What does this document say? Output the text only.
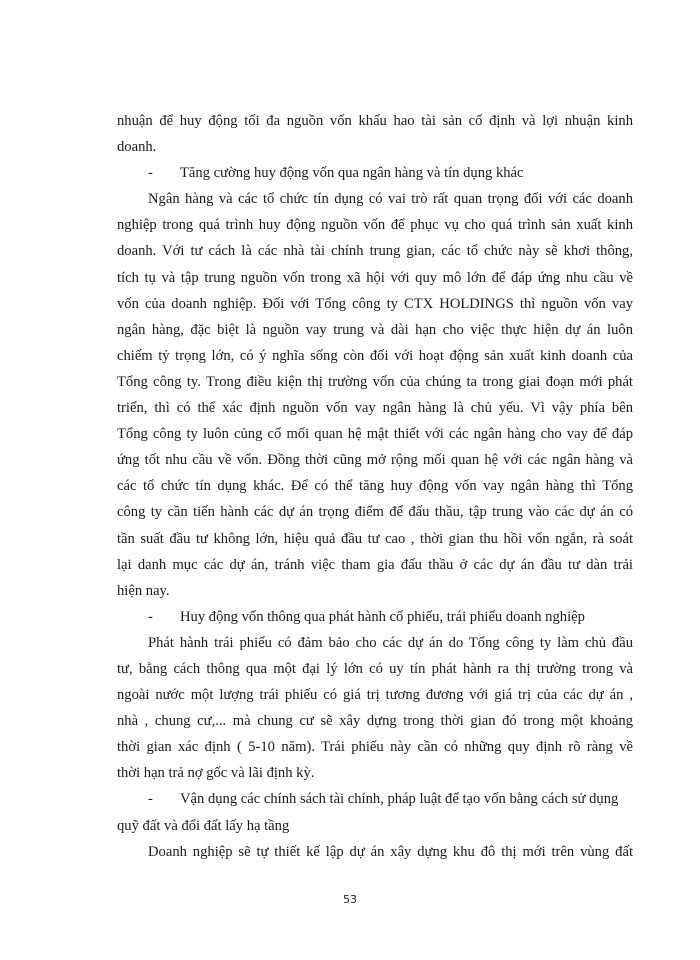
nhuận để huy động tối đa nguồn vốn khấu hao tài sản cố định và lợi nhuận kinh
doanh.
- Tăng cường huy động vốn qua ngân hàng và tín dụng khác
Ngân hàng và các tổ chức tín dụng có vai trò rất quan trọng đối với các doanh
nghiệp trong quá trình huy động nguồn vốn để phục vụ cho quá trình sản xuất kinh
doanh. Với tư cách là các nhà tài chính trung gian, các tổ chức này sẽ khơi thông,
tích tụ và tập trung nguồn vốn trong xã hội với quy mô lớn để đáp ứng nhu cầu về
vốn của doanh nghiệp. Đối với Tổng công ty CTX HOLDINGS thì nguồn vốn vay
ngân hàng, đặc biệt là nguồn vay trung và dài hạn cho việc thực hiện dự án luôn
chiếm tỷ trọng lớn, có ý nghĩa sống còn đối với hoạt động sản xuất kinh doanh của
Tổng công ty. Trong điều kiện thị trường vốn của chúng ta trong giai đoạn mới phát
triển, thì có thể xác định nguồn vốn vay ngân hàng là chủ yếu. Vì vậy phía bên
Tổng công ty luôn củng cố mối quan hệ mật thiết với các ngân hàng cho vay để đáp
ứng tốt nhu cầu về vốn. Đồng thời cũng mở rộng mối quan hệ với các ngân hàng và
các tổ chức tín dụng khác. Để có thể tăng huy động vốn vay ngân hàng thì Tổng
công ty cần tiến hành các dự án trọng điểm để đấu thầu, tập trung vào các dự án có
tần suất đầu tư không lớn, hiệu quả đầu tư cao , thời gian thu hồi vốn ngắn, rà soát
lại danh mục các dự án, tránh việc tham gia đấu thầu ở các dự án đầu tư dàn trải
hiện nay.
- Huy động vốn thông qua phát hành cổ phiếu, trái phiếu doanh nghiệp
Phát hành trái phiếu có đảm bảo cho các dự án do Tổng công ty làm chủ đầu
tư, bằng cách thông qua một đại lý lớn có uy tín phát hành ra thị trường trong và
ngoài nước một lượng trái phiếu có giá trị tương đương với giá trị của các dự án ,
nhà , chung cư,... mà chung cư sẽ xây dựng trong thời gian đó trong một khoảng
thời gian xác định ( 5-10 năm). Trái phiếu này cần có những quy định rõ ràng về
thời hạn trả nợ gốc và lãi định kỳ.
- Vận dụng các chính sách tài chính, pháp luật để tạo vốn bằng cách sử dụng
quỹ đất và đổi đất lấy hạ tầng
Doanh nghiệp sẽ tự thiết kế lập dự án xây dựng khu đô thị mới trên vùng đất
53
